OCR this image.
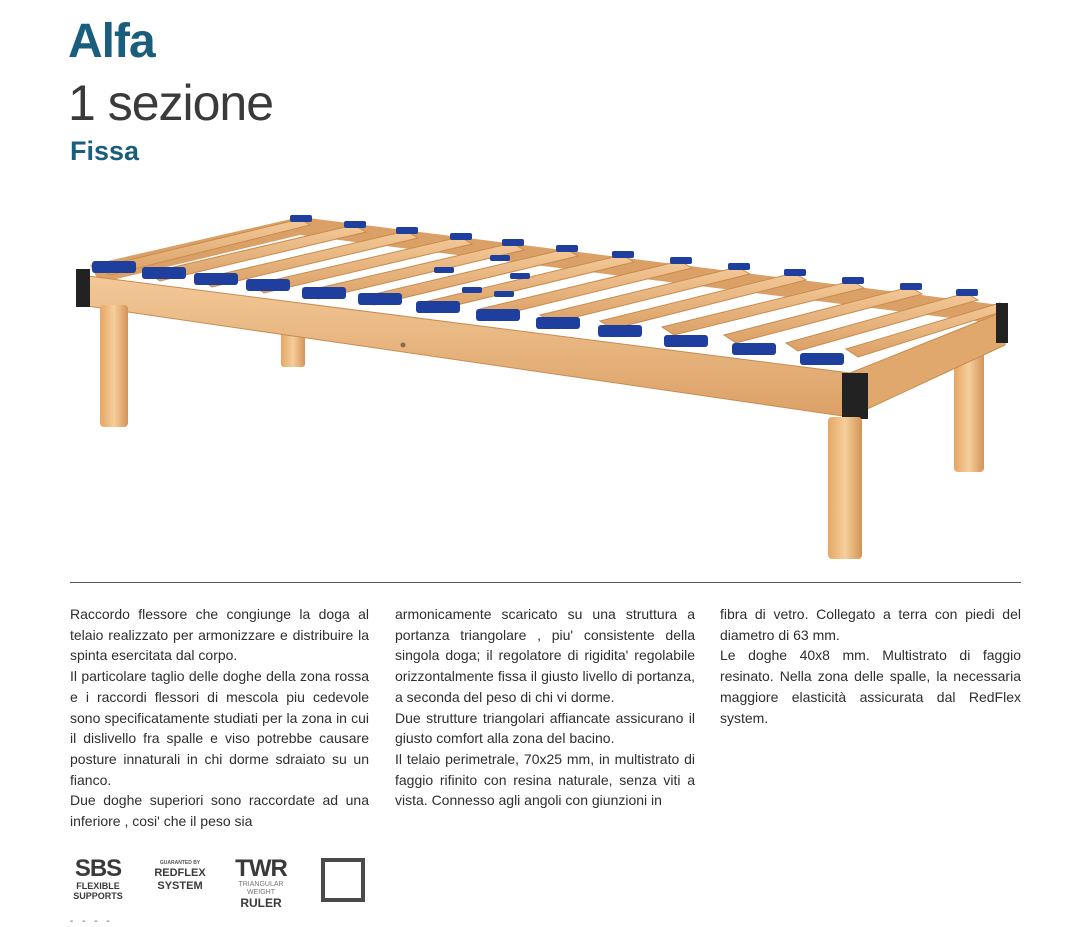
Alfa
1 sezione
Fissa

Raccordo flessore che congiunge la doga al telaio realizzato per armonizzare e distribuire la spinta esercitata dal corpo.

Il particolare taglio delle doghe della zona rossa e i raccordi flessori di mescola piu cedevole sono specificatamente studiati per la zona in cui il dislivello fra spalle e viso potrebbe causare posture innaturali in chi dorme sdraiato su un fianco.

Due doghe superiori sono raccordate ad una inferiore , cosi' che il peso sia

armonicamente scaricato su una struttura a portanza triangolare , piu' consistente della singola doga; il regolatore di rigidita' regolabile orizzontalmente fissa il giusto livello di portanza, a seconda del peso di chi vi dorme.

Due strutture triangolari affiancate assicurano il giusto comfort alla zona del bacino.

Il telaio perimetrale, 70x25 mm, in multistrato di faggio rifinito con resina naturale, senza viti a vista. Connesso agli angoli con giunzioni in

fibra di vetro. Collegato a terra con piedi del diametro di 63 mm.

Le doghe 40x8 mm. Multistrato di faggio resinato. Nella zona delle spalle, la necessaria maggiore elasticità assicurata dal RedFlex system.

SBS
FLEXIBLE
SUPPORTS
GUARANTED BY
REDFLEX
SYSTEM
TWR
TRIANGULAR
WEIGHT
RULER
- - - -
